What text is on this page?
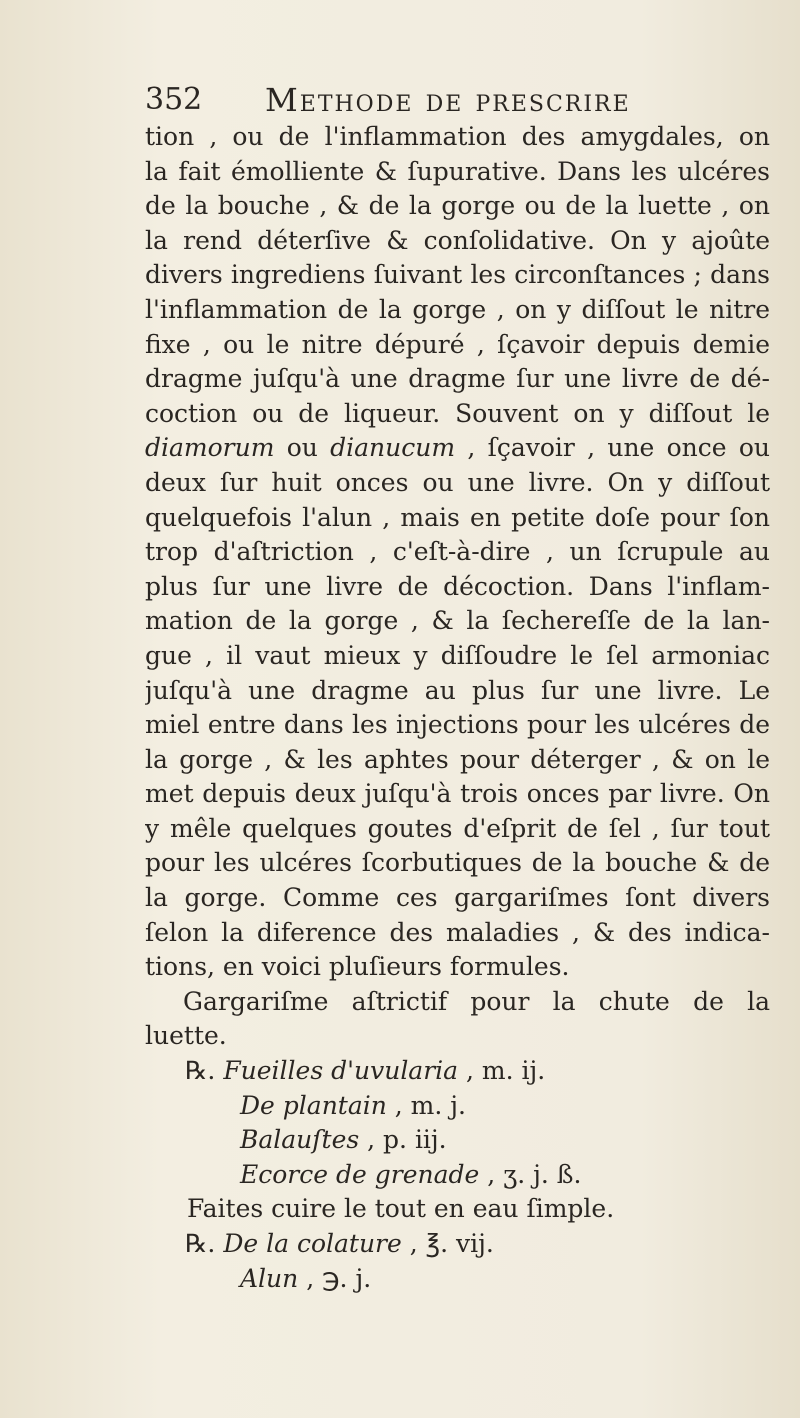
352 Methode de prescrire
tion , ou de l'inflammation des amygdales, on
la fait émolliente & ſupurative. Dans les ulcéres
de la bouche , & de la gorge ou de la luette , on
la rend déterſive & conſolidative. On y ajoûte
divers ingrediens ſuivant les circonſtances ; dans
l'inflammation de la gorge , on y diſſout le nitre
fixe , ou le nitre dépuré , ſçavoir depuis demie
dragme juſqu'à une dragme ſur une livre de dé-
coction ou de liqueur. Souvent on y diſſout le
diamorum ou dianucum , ſçavoir , une once ou
deux ſur huit onces ou une livre. On y diſſout
quelquefois l'alun , mais en petite doſe pour ſon
trop d'aſtriction , c'eſt-à-dire , un ſcrupule au
plus ſur une livre de décoction. Dans l'inflam-
mation de la gorge , & la ſechereſſe de la lan-
gue , il vaut mieux y diſſoudre le ſel armoniac
juſqu'à une dragme au plus ſur une livre. Le
miel entre dans les injections pour les ulcéres de
la gorge , & les aphtes pour déterger , & on le
met depuis deux juſqu'à trois onces par livre. On
y mêle quelques goutes d'eſprit de ſel , ſur tout
pour les ulcéres ſcorbutiques de la bouche & de
la gorge. Comme ces gargariſmes ſont divers
ſelon la diference des maladies , & des indica-
tions, en voici pluſieurs formules.
Gargariſme aſtrictif pour la chute de la
luette.
℞. Fueilles d'uvularia , m. ij.
De plantain , m. j.
Balauſtes , p. iij.
Ecorce de grenade , ʒ. j. ß.
Faites cuire le tout en eau ſimple.
℞. De la colature , ℥. vij.
Alun , ℈. j.
